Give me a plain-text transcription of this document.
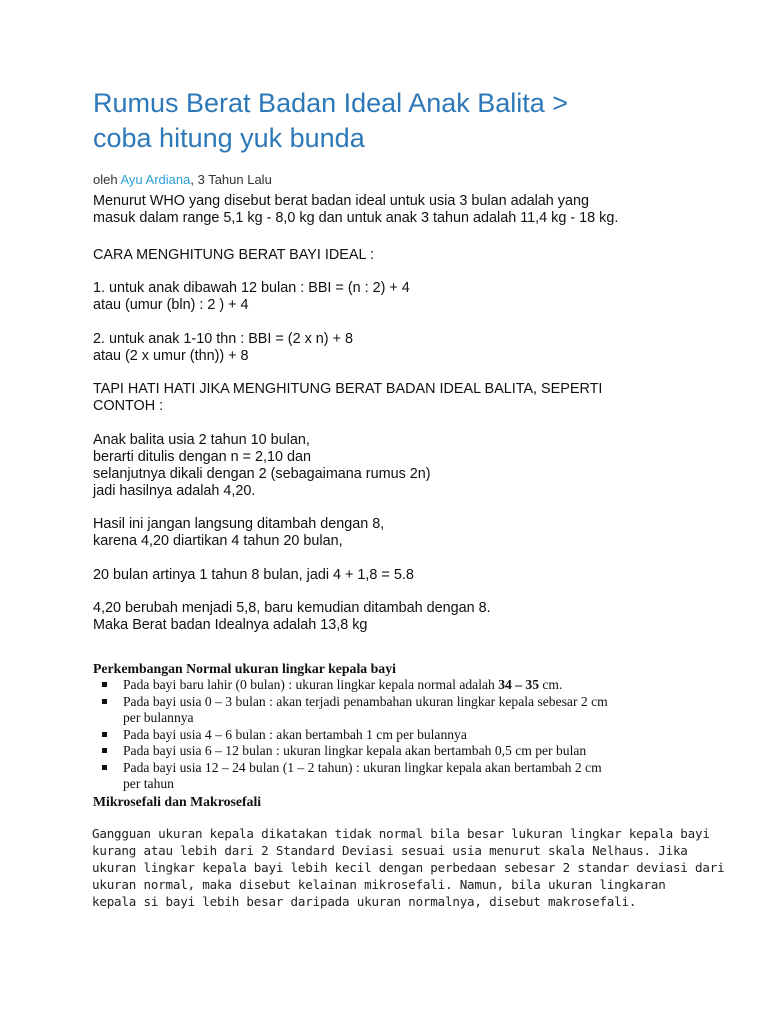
Rumus Berat Badan Ideal Anak Balita >
coba hitung yuk bunda
oleh Ayu Ardiana, 3 Tahun Lalu
Menurut WHO yang disebut berat badan ideal untuk usia 3 bulan adalah yang
masuk dalam range 5,1 kg - 8,0 kg dan untuk anak 3 tahun adalah 11,4 kg - 18 kg.
CARA MENGHITUNG BERAT BAYI IDEAL :
1. untuk anak dibawah 12 bulan : BBI = (n : 2) + 4
atau (umur (bln) : 2 ) + 4
2. untuk anak 1-10 thn : BBI = (2 x n) + 8
atau (2 x umur (thn)) + 8
TAPI HATI HATI JIKA MENGHITUNG BERAT BADAN IDEAL BALITA, SEPERTI
CONTOH :
Anak balita usia 2 tahun 10 bulan,
berarti ditulis dengan n = 2,10 dan
selanjutnya dikali dengan 2 (sebagaimana rumus 2n)
jadi hasilnya adalah 4,20.
Hasil ini jangan langsung ditambah dengan 8,
karena 4,20 diartikan 4 tahun 20 bulan,
20 bulan artinya 1 tahun 8 bulan, jadi 4 + 1,8 = 5.8
4,20 berubah menjadi 5,8, baru kemudian ditambah dengan 8.
Maka Berat badan Idealnya adalah 13,8 kg

Perkembangan Normal ukuran lingkar kepala bayi

Pada bayi baru lahir (0 bulan) : ukuran lingkar kepala normal adalah 34 – 35 cm.
Pada bayi usia 0 – 3 bulan : akan terjadi penambahan ukuran lingkar kepala sebesar 2 cm
per bulannya
Pada bayi usia 4 – 6 bulan : akan bertambah 1 cm per bulannya
Pada bayi usia 6 – 12 bulan : ukuran lingkar kepala akan bertambah 0,5 cm per bulan
Pada bayi usia 12 – 24 bulan (1 – 2 tahun) : ukuran lingkar kepala akan bertambah 2 cm
per tahun

Mikrosefali dan Makrosefali

Gangguan ukuran kepala dikatakan tidak normal bila besar lukuran lingkar kepala bayi
kurang atau lebih dari 2 Standard Deviasi sesuai usia menurut skala Nelhaus. Jika
ukuran lingkar kepala bayi lebih kecil dengan perbedaan sebesar 2 standar deviasi dari
ukuran normal, maka disebut kelainan mikrosefali. Namun, bila ukuran lingkaran
kepala si bayi lebih besar daripada ukuran normalnya, disebut makrosefali.
